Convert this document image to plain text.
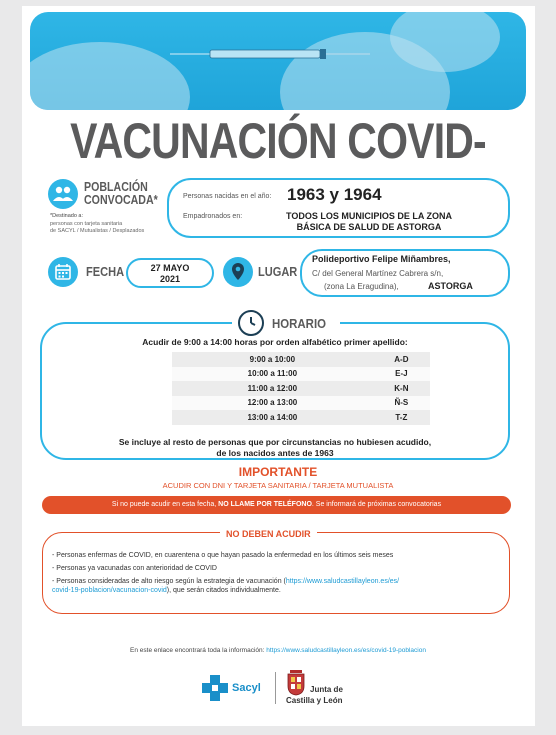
VACUNACIÓN COVID-
POBLACIÓN
CONVOCADA*
*Destinado a:
personas con tarjeta sanitaria
de SACYL / Mutualistas / Desplazados
Personas nacidas en el año: 1963 y 1964
Empadronados en:	TODOS LOS MUNICIPIOS DE LA ZONA
BÁSICA DE SALUD DE ASTORGA
FECHA	27 MAYO
2021	LUGAR
Polideportivo Felipe Miñambres,
C/ del General Martínez Cabrera s/n,
(zona La Eragudina),	ASTORGA
HORARIO
Acudir de 9:00 a 14:00 horas por orden alfabético primer apellido:
9:00 a 10:00	A-D
10:00 a 11:00	E-J
11:00 a 12:00	K-N
12:00 a 13:00	Ñ-S
13:00 a 14:00	T-Z
Se incluye al resto de personas que por circunstancias no hubiesen acudido,
de los nacidos antes de 1963
IMPORTANTE
ACUDIR CON DNI Y TARJETA SANITARIA / TARJETA MUTUALISTA
Si no puede acudir en esta fecha, NO LLAME POR TELÉFONO. Se informará de próximas convocatorias
NO DEBEN ACUDIR
- Personas enfermas de COVID, en cuarentena o que hayan pasado la enfermedad en los últimos seis meses
- Personas ya vacunadas con anterioridad de COVID
- Personas consideradas de alto riesgo según la estrategia de vacunación (https://www.saludcastillayleon.es/es/
covid-19-poblacion/vacunacion-covid), que serán citados individualmente.
En este enlace encontrará toda la información: https://www.saludcastillayleon.es/es/covid-19-poblacion
Sacyl	Junta de
Castilla y León
